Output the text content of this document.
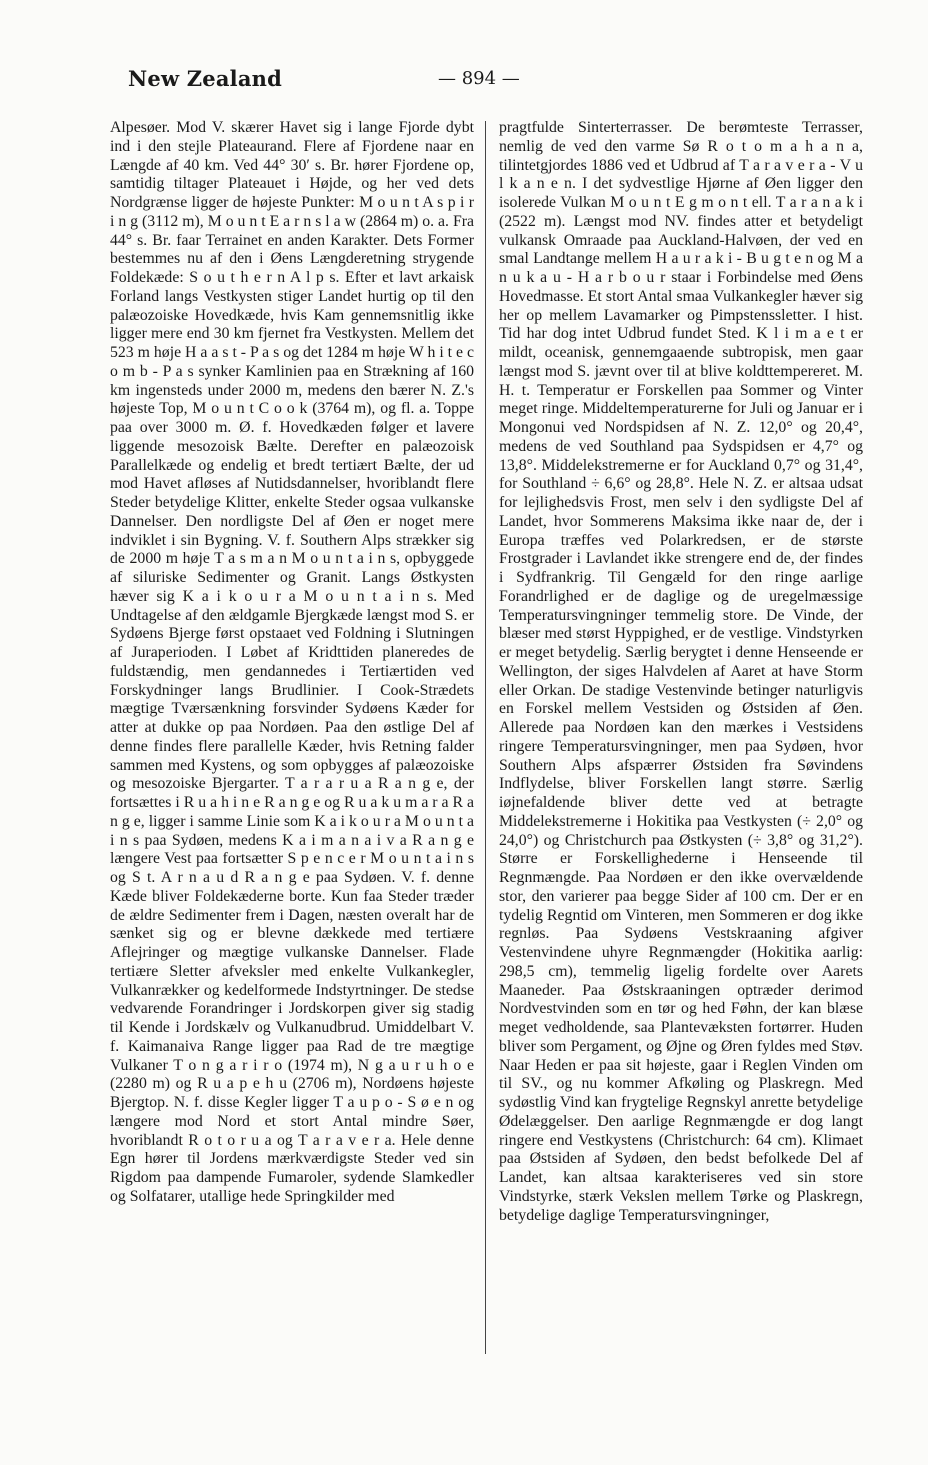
New Zealand	— 894 —

Alpesøer. Mod V. skærer Havet sig i lange Fjorde dybt ind i den stejle Plateaurand. Flere af Fjordene naar en Længde af 40 km. Ved 44° 30′ s. Br. hører Fjordene op, samtidig tiltager Plateauet i Højde, og her ved dets Nordgrænse ligger de højeste Punkter: M o u n t A s p i r i n g (3112 m), M o u n t E a r n s l a w (2864 m) o. a. Fra 44° s. Br. faar Terrainet en anden Karakter. Dets Former bestemmes nu af den i Øens Længderetning strygende Foldekæde: S o u t h e r n A l p s. Efter et lavt arkaisk Forland langs Vestkysten stiger Landet hurtig op til den palæozoiske Hovedkæde, hvis Kam gennemsnitlig ikke ligger mere end 30 km fjernet fra Vestkysten. Mellem det 523 m høje H a a s t - P a s og det 1284 m høje W h i t e c o m b - P a s synker Kamlinien paa en Strækning af 160 km ingensteds under 2000 m, medens den bærer N. Z.'s højeste Top, M o u n t C o o k (3764 m), og fl. a. Toppe paa over 3000 m. Ø. f. Hovedkæden følger et lavere liggende mesozoisk Bælte. Derefter en palæozoisk Parallelkæde og endelig et bredt tertiært Bælte, der ud mod Havet afløses af Nutidsdannelser, hvoriblandt flere Steder betydelige Klitter, enkelte Steder ogsaa vulkanske Dannelser. Den nordligste Del af Øen er noget mere indviklet i sin Bygning. V. f. Southern Alps strækker sig de 2000 m høje T a s m a n M o u n t a i n s, opbyggede af siluriske Sedimenter og Granit. Langs Østkysten hæver sig K a i k o u r a M o u n t a i n s. Med Undtagelse af den ældgamle Bjergkæde længst mod S. er Sydøens Bjerge først opstaaet ved Foldning i Slutningen af Juraperioden. I Løbet af Kridttiden planeredes de fuldstændig, men gendannedes i Tertiærtiden ved Forskydninger langs Brudlinier. I Cook-Strædets mægtige Tværsænkning forsvinder Sydøens Kæder for atter at dukke op paa Nordøen. Paa den østlige Del af denne findes flere parallelle Kæder, hvis Retning falder sammen med Kystens, og som opbygges af palæozoiske og mesozoiske Bjergarter. T a r a r u a R a n g e, der fortsættes i R u a h i n e R a n g e og R u a k u m a r a R a n g e, ligger i samme Linie som K a i k o u r a M o u n t a i n s paa Sydøen, medens K a i m a n a i v a R a n g e længere Vest paa fortsætter S p e n c e r M o u n t a i n s og S t. A r n a u d R a n g e paa Sydøen. V. f. denne Kæde bliver Foldekæderne borte. Kun faa Steder træder de ældre Sedimenter frem i Dagen, næsten overalt har de sænket sig og er blevne dækkede med tertiære Aflejringer og mægtige vulkanske Dannelser. Flade tertiære Sletter afveksler med enkelte Vulkankegler, Vulkanrækker og kedelformede Indstyrtninger. De stedse vedvarende Forandringer i Jordskorpen giver sig stadig til Kende i Jordskælv og Vulkanudbrud. Umiddelbart V. f. Kaimanaiva Range ligger paa Rad de tre mægtige Vulkaner T o n g a r i r o (1974 m), N g a u r u h o e (2280 m) og R u a p e h u (2706 m), Nordøens højeste Bjergtop. N. f. disse Kegler ligger T a u p o - S ø e n og længere mod Nord et stort Antal mindre Søer, hvoriblandt R o t o r u a og T a r a v e r a. Hele denne Egn hører til Jordens mærkværdigste Steder ved sin Rigdom paa dampende Fumaroler, sydende Slamkedler og Solfatarer, utallige hede Springkilder med

pragtfulde Sinterterrasser. De berømteste Terrasser, nemlig de ved den varme Sø R o t o m a h a n a, tilintetgjordes 1886 ved et Udbrud af T a r a v e r a - V u l k a n e n. I det sydvestlige Hjørne af Øen ligger den isolerede Vulkan M o u n t E g m o n t ell. T a r a n a k i (2522 m). Længst mod NV. findes atter et betydeligt vulkansk Omraade paa Auckland-Halvøen, der ved en smal Landtange mellem H a u r a k i - B u g t e n og M a n u k a u - H a r b o u r staar i Forbindelse med Øens Hovedmasse. Et stort Antal smaa Vulkankegler hæver sig her op mellem Lavamarker og Pimpstenssletter. I hist. Tid har dog intet Udbrud fundet Sted. K l i m a e t er mildt, oceanisk, gennemgaaende subtropisk, men gaar længst mod S. jævnt over til at blive koldttempereret. M. H. t. Temperatur er Forskellen paa Sommer og Vinter meget ringe. Middeltemperaturerne for Juli og Januar er i Mongonui ved Nordspidsen af N. Z. 12,0° og 20,4°, medens de ved Southland paa Sydspidsen er 4,7° og 13,8°. Middelekstremerne er for Auckland 0,7° og 31,4°, for Southland ÷ 6,6° og 28,8°. Hele N. Z. er altsaa udsat for lejlighedsvis Frost, men selv i den sydligste Del af Landet, hvor Sommerens Maksima ikke naar de, der i Europa træffes ved Polarkredsen, er de største Frostgrader i Lavlandet ikke strengere end de, der findes i Sydfrankrig. Til Gengæld for den ringe aarlige Forandrlighed er de daglige og de uregelmæssige Temperatursvingninger temmelig store. De Vinde, der blæser med størst Hyppighed, er de vestlige. Vindstyrken er meget betydelig. Særlig berygtet i denne Henseende er Wellington, der siges Halvdelen af Aaret at have Storm eller Orkan. De stadige Vestenvinde betinger naturligvis en Forskel mellem Vestsiden og Østsiden af Øen. Allerede paa Nordøen kan den mærkes i Vestsidens ringere Temperatursvingninger, men paa Sydøen, hvor Southern Alps afspærrer Østsiden fra Søvindens Indflydelse, bliver Forskellen langt større. Særlig iøjnefaldende bliver dette ved at betragte Middelekstremerne i Hokitika paa Vestkysten (÷ 2,0° og 24,0°) og Christchurch paa Østkysten (÷ 3,8° og 31,2°). Større er Forskellighederne i Henseende til Regnmængde. Paa Nordøen er den ikke overvældende stor, den varierer paa begge Sider af 100 cm. Der er en tydelig Regntid om Vinteren, men Sommeren er dog ikke regnløs. Paa Sydøens Vestskraaning afgiver Vestenvindene uhyre Regnmængder (Hokitika aarlig: 298,5 cm), temmelig ligelig fordelte over Aarets Maaneder. Paa Østskraaningen optræder derimod Nordvestvinden som en tør og hed Føhn, der kan blæse meget vedholdende, saa Plantevæksten fortørrer. Huden bliver som Pergament, og Øjne og Øren fyldes med Støv. Naar Heden er paa sit højeste, gaar i Reglen Vinden om til SV., og nu kommer Afkøling og Plaskregn. Med sydøstlig Vind kan frygtelige Regnskyl anrette betydelige Ødelæggelser. Den aarlige Regnmængde er dog langt ringere end Vestkystens (Christchurch: 64 cm). Klimaet paa Østsiden af Sydøen, den bedst befolkede Del af Landet, kan altsaa karakteriseres ved sin store Vindstyrke, stærk Vekslen mellem Tørke og Plaskregn, betydelige daglige Temperatursvingninger,
